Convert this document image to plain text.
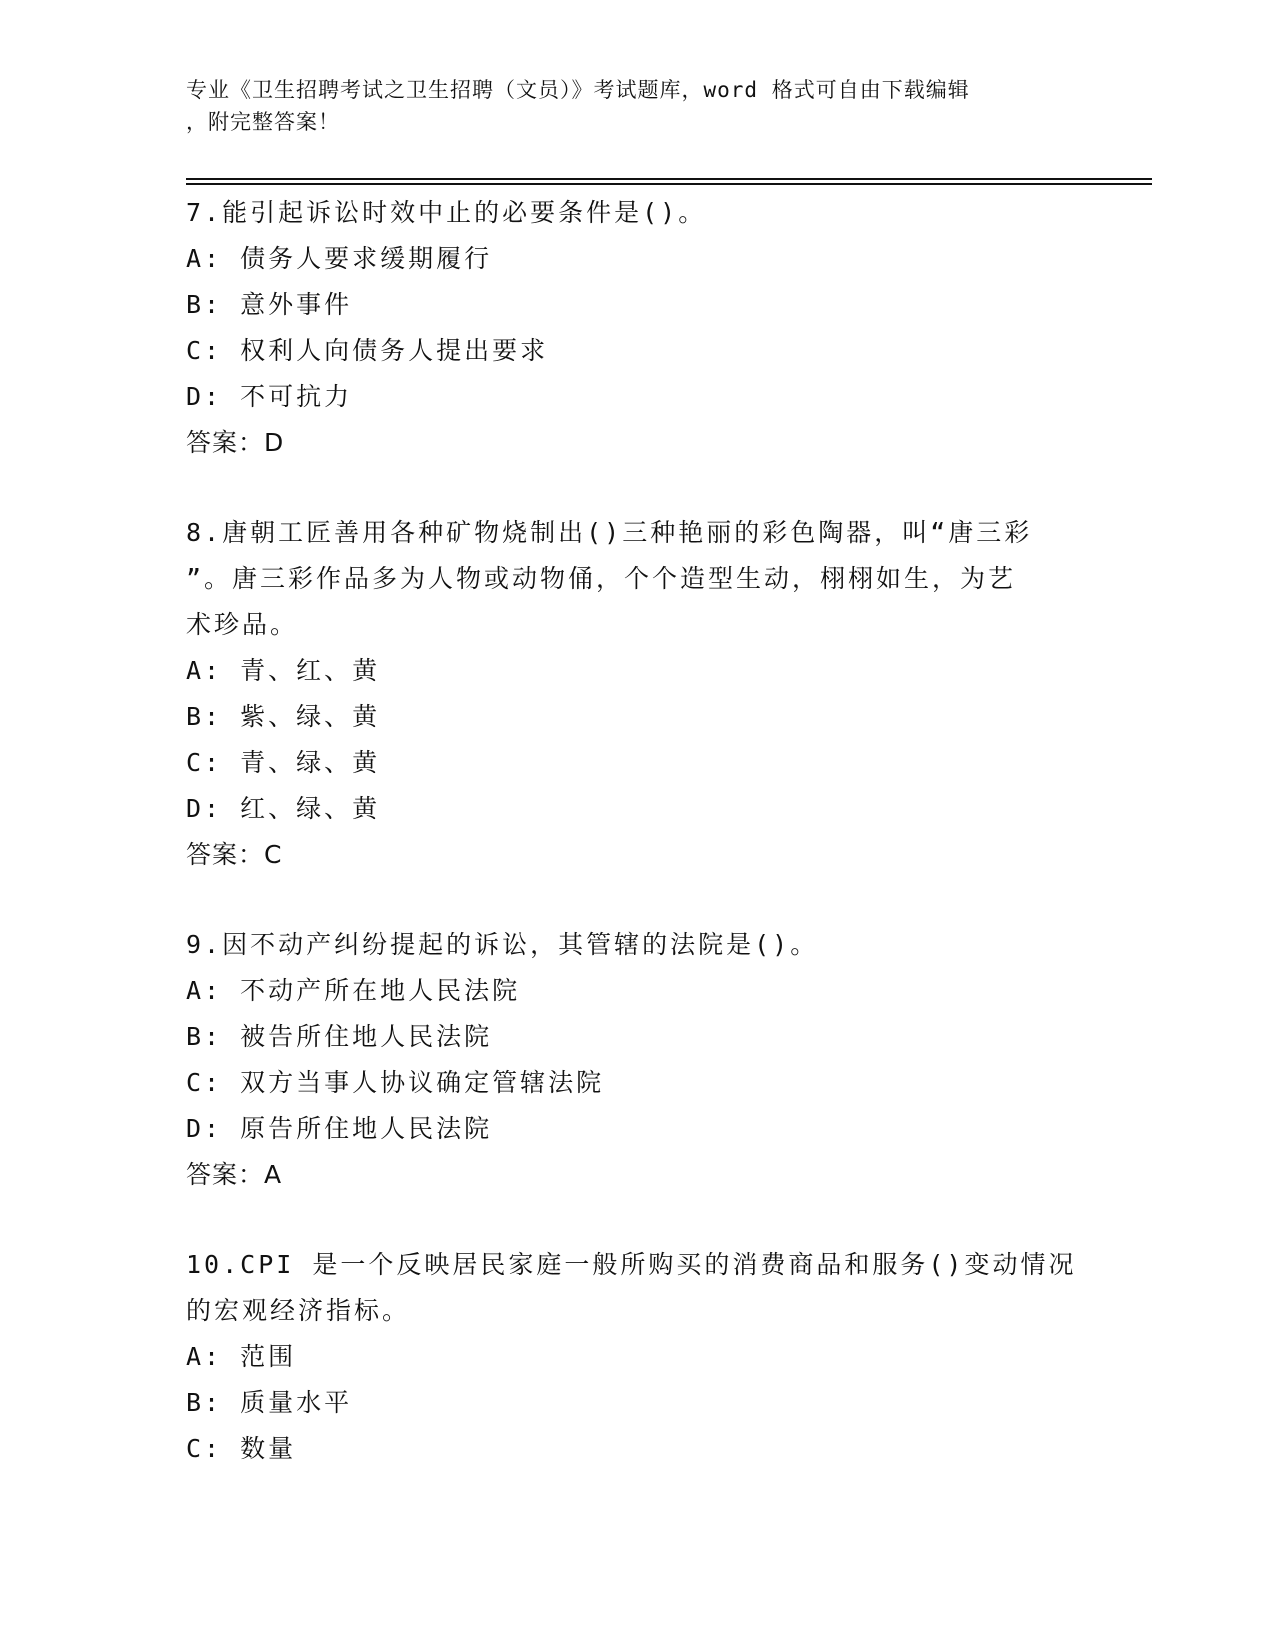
专业《卫生招聘考试之卫生招聘（文员）》考试题库，word 格式可自由下载编辑
，附完整答案！
7.能引起诉讼时效中止的必要条件是()。
A: 债务人要求缓期履行
B: 意外事件
C: 权利人向债务人提出要求
D: 不可抗力
答案：D
8.唐朝工匠善用各种矿物烧制出()三种艳丽的彩色陶器，叫“唐三彩
”。唐三彩作品多为人物或动物俑，个个造型生动，栩栩如生，为艺
术珍品。
A: 青、红、黄
B: 紫、绿、黄
C: 青、绿、黄
D: 红、绿、黄
答案：C
9.因不动产纠纷提起的诉讼，其管辖的法院是()。
A: 不动产所在地人民法院
B: 被告所住地人民法院
C: 双方当事人协议确定管辖法院
D: 原告所住地人民法院
答案：A
10.CPI 是一个反映居民家庭一般所购买的消费商品和服务()变动情况
的宏观经济指标。
A: 范围
B: 质量水平
C: 数量
